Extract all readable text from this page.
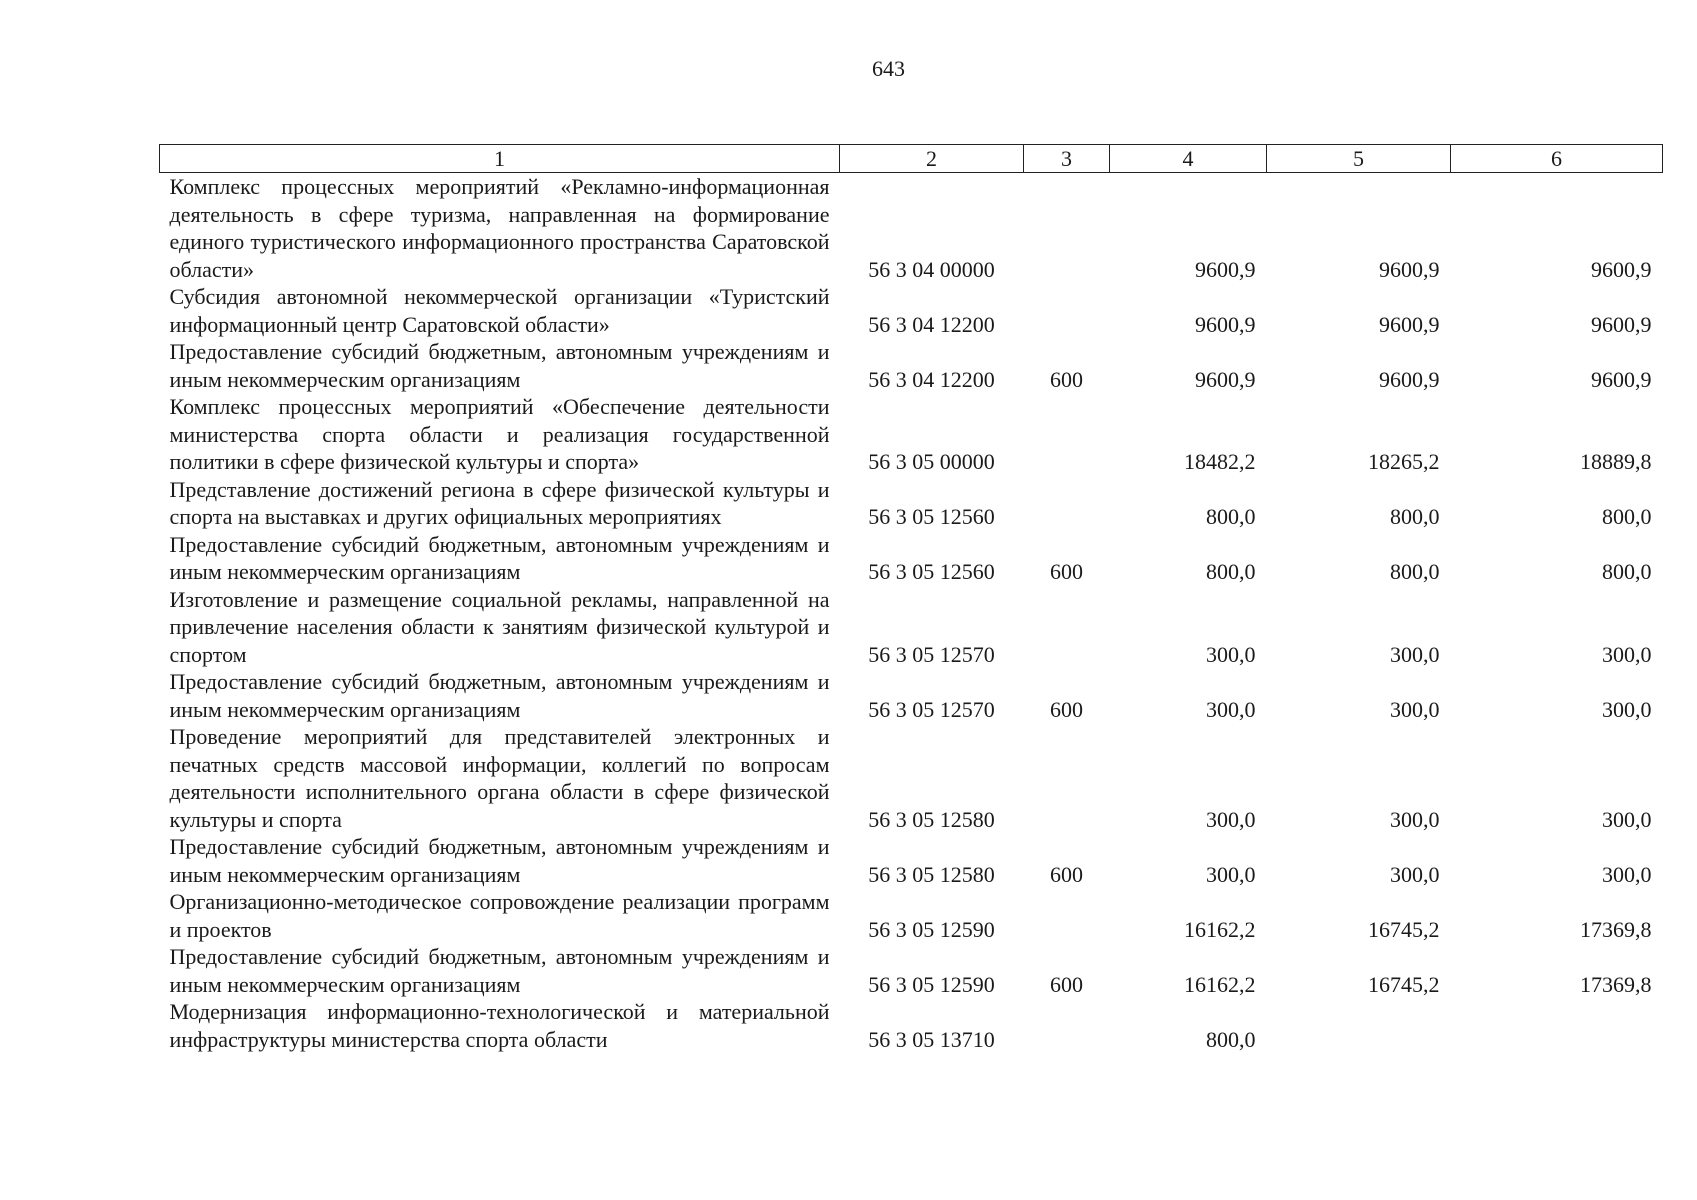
643
1	2	3	4	5	6
Комплекс процессных мероприятий «Рекламно-информационная деятельность в сфере туризма, направленная на формирование единого туристического информационного пространства Саратовской области»	56 3 04 00000		9600,9	9600,9	9600,9
Субсидия автономной некоммерческой организации «Туристский информационный центр Саратовской области»	56 3 04 12200		9600,9	9600,9	9600,9
Предоставление субсидий бюджетным, автономным учреждениям и иным некоммерческим организациям	56 3 04 12200	600	9600,9	9600,9	9600,9
Комплекс процессных мероприятий «Обеспечение деятельности министерства спорта области и реализация государственной политики в сфере физической культуры и спорта»	56 3 05 00000		18482,2	18265,2	18889,8
Представление достижений региона в сфере физической культуры и спорта на выставках и других официальных мероприятиях	56 3 05 12560		800,0	800,0	800,0
Предоставление субсидий бюджетным, автономным учреждениям и иным некоммерческим организациям	56 3 05 12560	600	800,0	800,0	800,0
Изготовление и размещение социальной рекламы, направленной на привлечение населения области к занятиям физической культурой и спортом	56 3 05 12570		300,0	300,0	300,0
Предоставление субсидий бюджетным, автономным учреждениям и иным некоммерческим организациям	56 3 05 12570	600	300,0	300,0	300,0
Проведение мероприятий для представителей электронных и печатных средств массовой информации, коллегий по вопросам деятельности исполнительного органа области в сфере физической культуры и спорта	56 3 05 12580		300,0	300,0	300,0
Предоставление субсидий бюджетным, автономным учреждениям и иным некоммерческим организациям	56 3 05 12580	600	300,0	300,0	300,0
Организационно-методическое сопровождение реализации программ и проектов	56 3 05 12590		16162,2	16745,2	17369,8
Предоставление субсидий бюджетным, автономным учреждениям и иным некоммерческим организациям	56 3 05 12590	600	16162,2	16745,2	17369,8
Модернизация информационно-технологической и материальной инфраструктуры министерства спорта области	56 3 05 13710		800,0		
